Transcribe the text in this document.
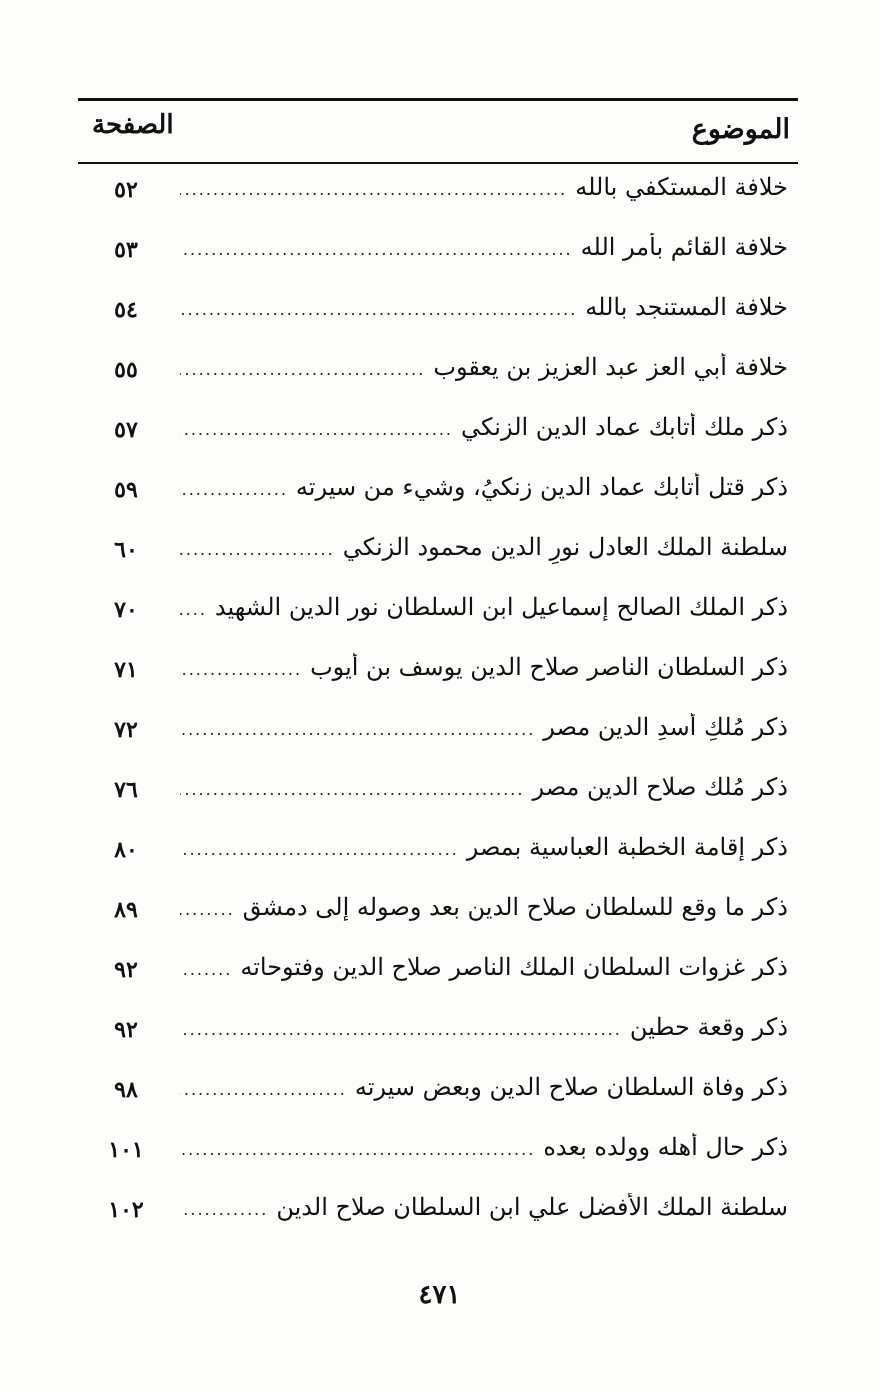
الموضوع
الصفحة
خلافة المستكفي بالله
.....
٥٢
خلافة القائم بأمر الله
.....
٥٣
خلافة المستنجد بالله
.....
٥٤
خلافة أبي العز عبد العزيز بن يعقوب
.....
٥٥
ذكر ملك أتابك عماد الدين الزنكي
.....
٥٧
ذكر قتل أتابك عماد الدين زنكيُ، وشيء من سيرته
.....
٥٩
سلطنة الملك العادل نورِ الدين محمود الزنكي
.....
٦٠
ذكر الملك الصالح إسماعيل ابن السلطان نور الدين الشهيد
.....
٧٠
ذكر السلطان الناصر صلاح الدين يوسف بن أيوب
.....
٧١
ذكر مُلكِ أسدِ الدين مصر
.....
٧٢
ذكر مُلك صلاح الدين مصر
.....
٧٦
ذكر إقامة الخطبة العباسية بمصر
.....
٨٠
ذكر ما وقع للسلطان صلاح الدين بعد وصوله إلى دمشق
.....
٨٩
ذكر غزوات السلطان الملك الناصر صلاح الدين وفتوحاته
.....
٩٢
ذكر وقعة حطين
.....
٩٢
ذكر وفاة السلطان صلاح الدين وبعض سيرته
.....
٩٨
ذكر حال أهله وولده بعده
.....
١٠١
سلطنة الملك الأفضل علي ابن السلطان صلاح الدين
.....
١٠٢
٤٧١
